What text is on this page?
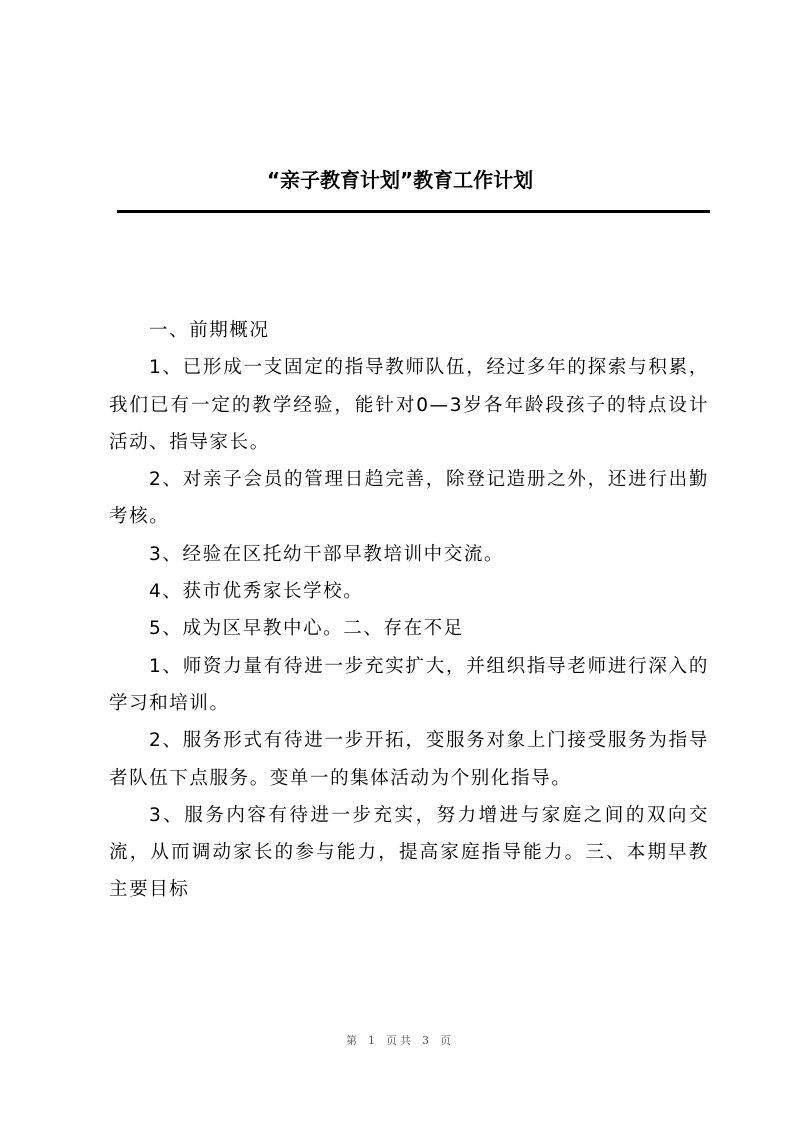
“亲子教育计划”教育工作计划

一、前期概况

1、已形成一支固定的指导教师队伍，经过多年的探索与积累，我们已有一定的教学经验，能针对0—3岁各年龄段孩子的特点设计活动、指导家长。

2、对亲子会员的管理日趋完善，除登记造册之外，还进行出勤考核。

3、经验在区托幼干部早教培训中交流。

4、获市优秀家长学校。

5、成为区早教中心。二、存在不足

1、师资力量有待进一步充实扩大，并组织指导老师进行深入的学习和培训。

2、服务形式有待进一步开拓，变服务对象上门接受服务为指导者队伍下点服务。变单一的集体活动为个别化指导。

3、服务内容有待进一步充实，努力增进与家庭之间的双向交流，从而调动家长的参与能力，提高家庭指导能力。三、本期早教主要目标

第 1 页共 3 页
